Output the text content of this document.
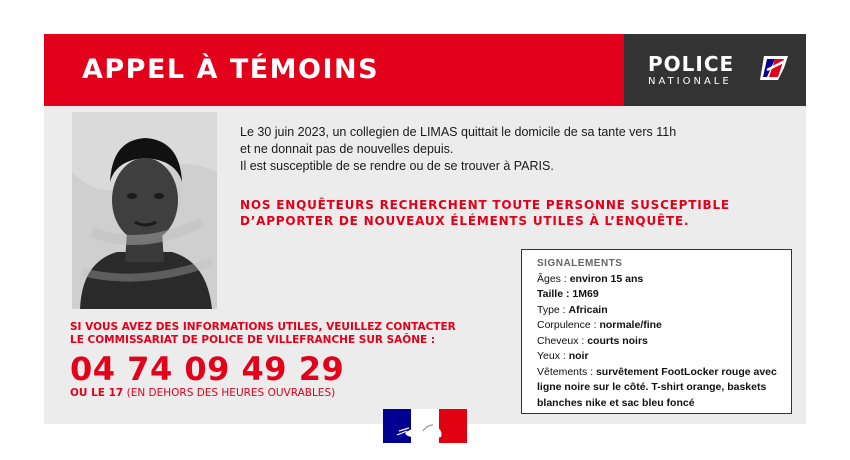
APPEL À TÉMOINS	POLICE
NATIONALE

Le 30 juin 2023, un collegien de LIMAS quittait le domicile de sa tante vers 11h

et ne donnait pas de nouvelles depuis.

Il est susceptible de se rendre ou de se trouver à PARIS.

NOS ENQUÊTEURS RECHERCHENT TOUTE PERSONNE SUSCEPTIBLE

D’APPORTER DE NOUVEAUX ÉLÉMENTS UTILES À L’ENQUÊTE.

SI VOUS AVEZ DES INFORMATIONS UTILES, VEUILLEZ CONTACTER

LE COMMISSARIAT DE POLICE DE VILLEFRANCHE SUR SAÔNE :

04 74 09 49 29
OU LE 17 (EN DEHORS DES HEURES OUVRABLES)
SIGNALEMENTS
Âges : environ 15 ans
Taille : 1M69
Type : Africain
Corpulence : normale/fine
Cheveux : courts noirs
Yeux : noir
Vêtements : survêtement FootLocker rouge avec ligne noire sur le côté. T-shirt orange, baskets blanches nike et sac bleu foncé
